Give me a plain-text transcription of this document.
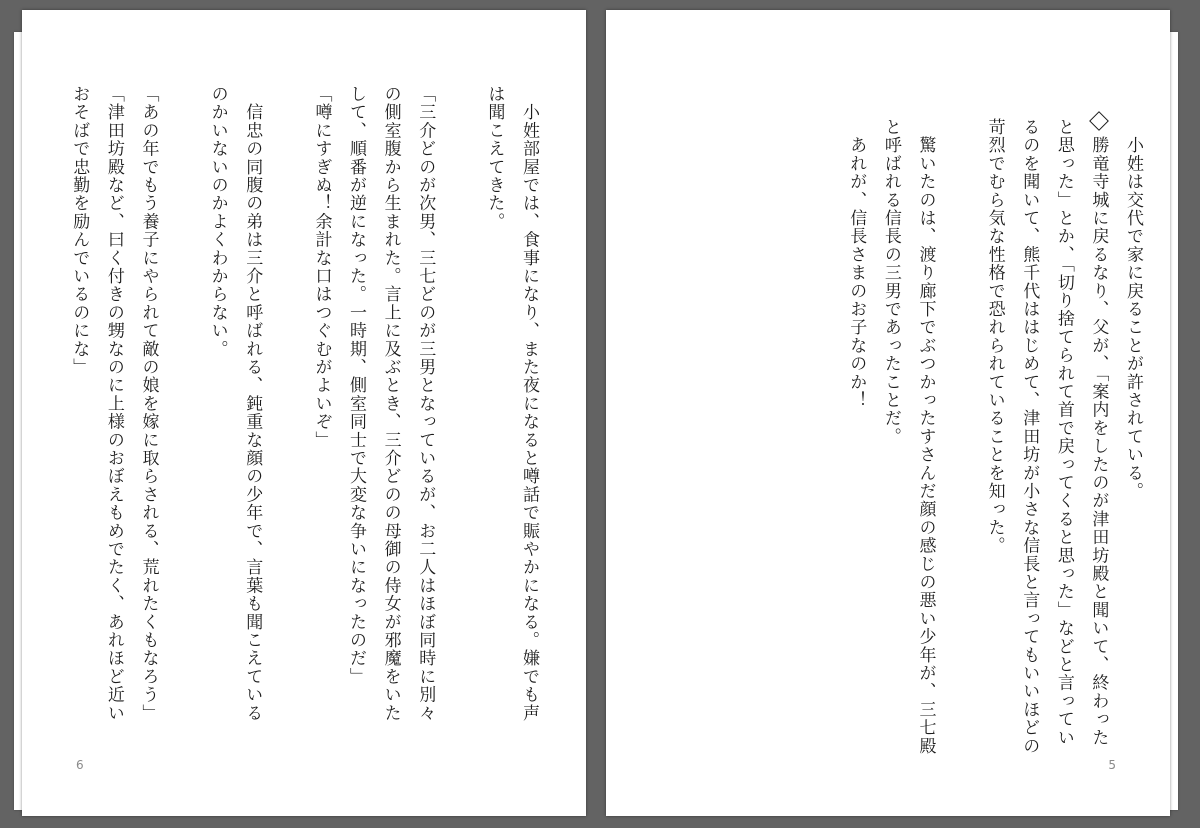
　小姓部屋では、食事になり、また夜になると噂話で賑やかになる。嫌でも声
は聞こえてきた。

「三介どのが次男、三七どのが三男となっているが、お二人はほぼ同時に別々
の側室腹から生まれた。言上に及ぶとき、三介どのの母御の侍女が邪魔をいた
して、順番が逆になった。一時期、側室同士で大変な争いになったのだ」
「噂にすぎぬ！余計な口はつぐむがよいぞ」

　信忠の同腹の弟は三介と呼ばれる、鈍重な顔の少年で、言葉も聞こえている
のかいないのかよくわからない。

「あの年でもう養子にやられて敵の娘を嫁に取らされる、荒れたくもなろう」
「津田坊殿など、曰く付きの甥なのに上様のおぼえもめでたく、あれほど近い
おそばで忠勤を励んでいるのにな」
6
　小姓は交代で家に戻ることが許されている。
　勝竜寺城に戻るなり、父が、「案内をしたのが津田坊殿と聞いて、終わった
と思った」とか、「切り捨てられて首で戻ってくると思った」などと言ってい
るのを聞いて、熊千代ははじめて、津田坊が小さな信長と言ってもいいほどの
苛烈でむら気な性格で恐れられていることを知った。

　驚いたのは、渡り廊下でぶつかったすさんだ顔の感じの悪い少年が、三七殿
と呼ばれる信長の三男であったことだ。
　あれが、信長さまのお子なのか！
5
